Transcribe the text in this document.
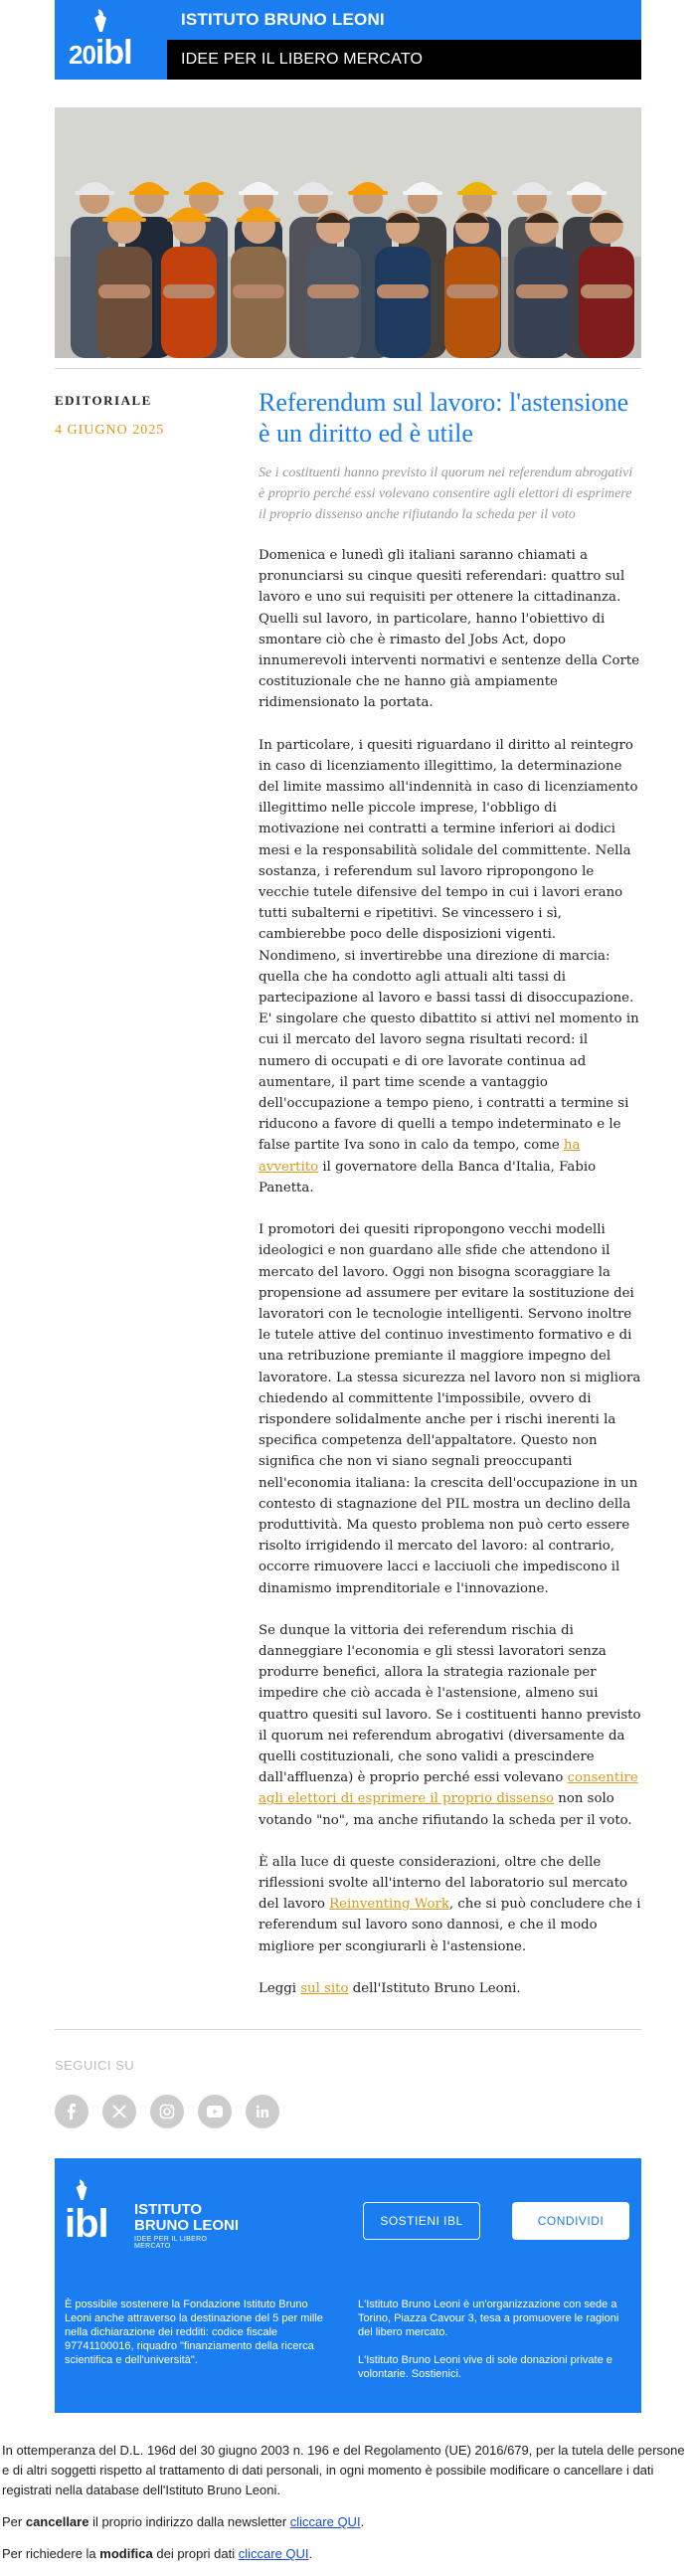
20ibl
ISTITUTO BRUNO LEONI
IDEE PER IL LIBERO MERCATO
EDITORIALE
4 GIUGNO 2025
Referendum sul lavoro: l'astensione è un diritto ed è utile
Se i costituenti hanno previsto il quorum nei referendum abrogativi è proprio perché essi volevano consentire agli elettori di esprimere il proprio dissenso anche rifiutando la scheda per il voto

Domenica e lunedì gli italiani saranno chiamati a pronunciarsi su cinque quesiti referendari: quattro sul lavoro e uno sui requisiti per ottenere la cittadinanza. Quelli sul lavoro, in particolare, hanno l'obiettivo di smontare ciò che è rimasto del Jobs Act, dopo innumerevoli interventi normativi e sentenze della Corte costituzionale che ne hanno già ampiamente ridimensionato la portata.

In particolare, i quesiti riguardano il diritto al reintegro in caso di licenziamento illegittimo, la determinazione del limite massimo all'indennità in caso di licenziamento illegittimo nelle piccole imprese, l'obbligo di motivazione nei contratti a termine inferiori ai dodici mesi e la responsabilità solidale del committente. Nella sostanza, i referendum sul lavoro ripropongono le vecchie tutele difensive del tempo in cui i lavori erano tutti subalterni e ripetitivi. Se vincessero i sì, cambierebbe poco delle disposizioni vigenti. Nondimeno, si invertirebbe una direzione di marcia: quella che ha condotto agli attuali alti tassi di partecipazione al lavoro e bassi tassi di disoccupazione. E' singolare che questo dibattito si attivi nel momento in cui il mercato del lavoro segna risultati record: il numero di occupati e di ore lavorate continua ad aumentare, il part time scende a vantaggio dell'occupazione a tempo pieno, i contratti a termine si riducono a favore di quelli a tempo indeterminato e le false partite Iva sono in calo da tempo, come ha avvertito il governatore della Banca d'Italia, Fabio Panetta.

I promotori dei quesiti ripropongono vecchi modelli ideologici e non guardano alle sfide che attendono il mercato del lavoro. Oggi non bisogna scoraggiare la propensione ad assumere per evitare la sostituzione dei lavoratori con le tecnologie intelligenti. Servono inoltre le tutele attive del continuo investimento formativo e di una retribuzione premiante il maggiore impegno del lavoratore. La stessa sicurezza nel lavoro non si migliora chiedendo al committente l'impossibile, ovvero di rispondere solidalmente anche per i rischi inerenti la specifica competenza dell'appaltatore. Questo non significa che non vi siano segnali preoccupanti nell'economia italiana: la crescita dell'occupazione in un contesto di stagnazione del PIL mostra un declino della produttività. Ma questo problema non può certo essere risolto irrigidendo il mercato del lavoro: al contrario, occorre rimuovere lacci e lacciuoli che impediscono il dinamismo imprenditoriale e l'innovazione.

Se dunque la vittoria dei referendum rischia di danneggiare l'economia e gli stessi lavoratori senza produrre benefici, allora la strategia razionale per impedire che ciò accada è l'astensione, almeno sui quattro quesiti sul lavoro. Se i costituenti hanno previsto il quorum nei referendum abrogativi (diversamente da quelli costituzionali, che sono validi a prescindere dall'affluenza) è proprio perché essi volevano consentire agli elettori di esprimere il proprio dissenso non solo votando "no", ma anche rifiutando la scheda per il voto.

È alla luce di queste considerazioni, oltre che delle riflessioni svolte all'interno del laboratorio sul mercato del lavoro Reinventing Work, che si può concludere che i referendum sul lavoro sono dannosi, e che il modo migliore per scongiurarli è l'astensione.

Leggi sul sito dell'Istituto Bruno Leoni.

SEGUICI SU
ibl ISTITUTO
BRUNO LEONI
IDEE PER IL LIBERO MERCATO
SOSTIENI IBL	CONDIVIDI
È possibile sostenere la Fondazione Istituto Bruno Leoni anche attraverso la destinazione del 5 per mille nella dichiarazione dei redditi: codice fiscale 97741100016, riquadro "finanziamento della ricerca scientifica e dell'università".

L'Istituto Bruno Leoni è un'organizzazione con sede a Torino, Piazza Cavour 3, tesa a promuovere le ragioni del libero mercato.

L'Istituto Bruno Leoni vive di sole donazioni private e volontarie. Sostienici.

In ottemperanza del D.L. 196d del 30 giugno 2003 n. 196 e del Regolamento (UE) 2016/679, per la tutela delle persone e di altri soggetti rispetto al trattamento di dati personali, in ogni momento è possibile modificare o cancellare i dati registrati nella database dell'Istituto Bruno Leoni.

Per cancellare il proprio indirizzo dalla newsletter cliccare QUI.

Per richiedere la modifica dei propri dati cliccare QUI.
